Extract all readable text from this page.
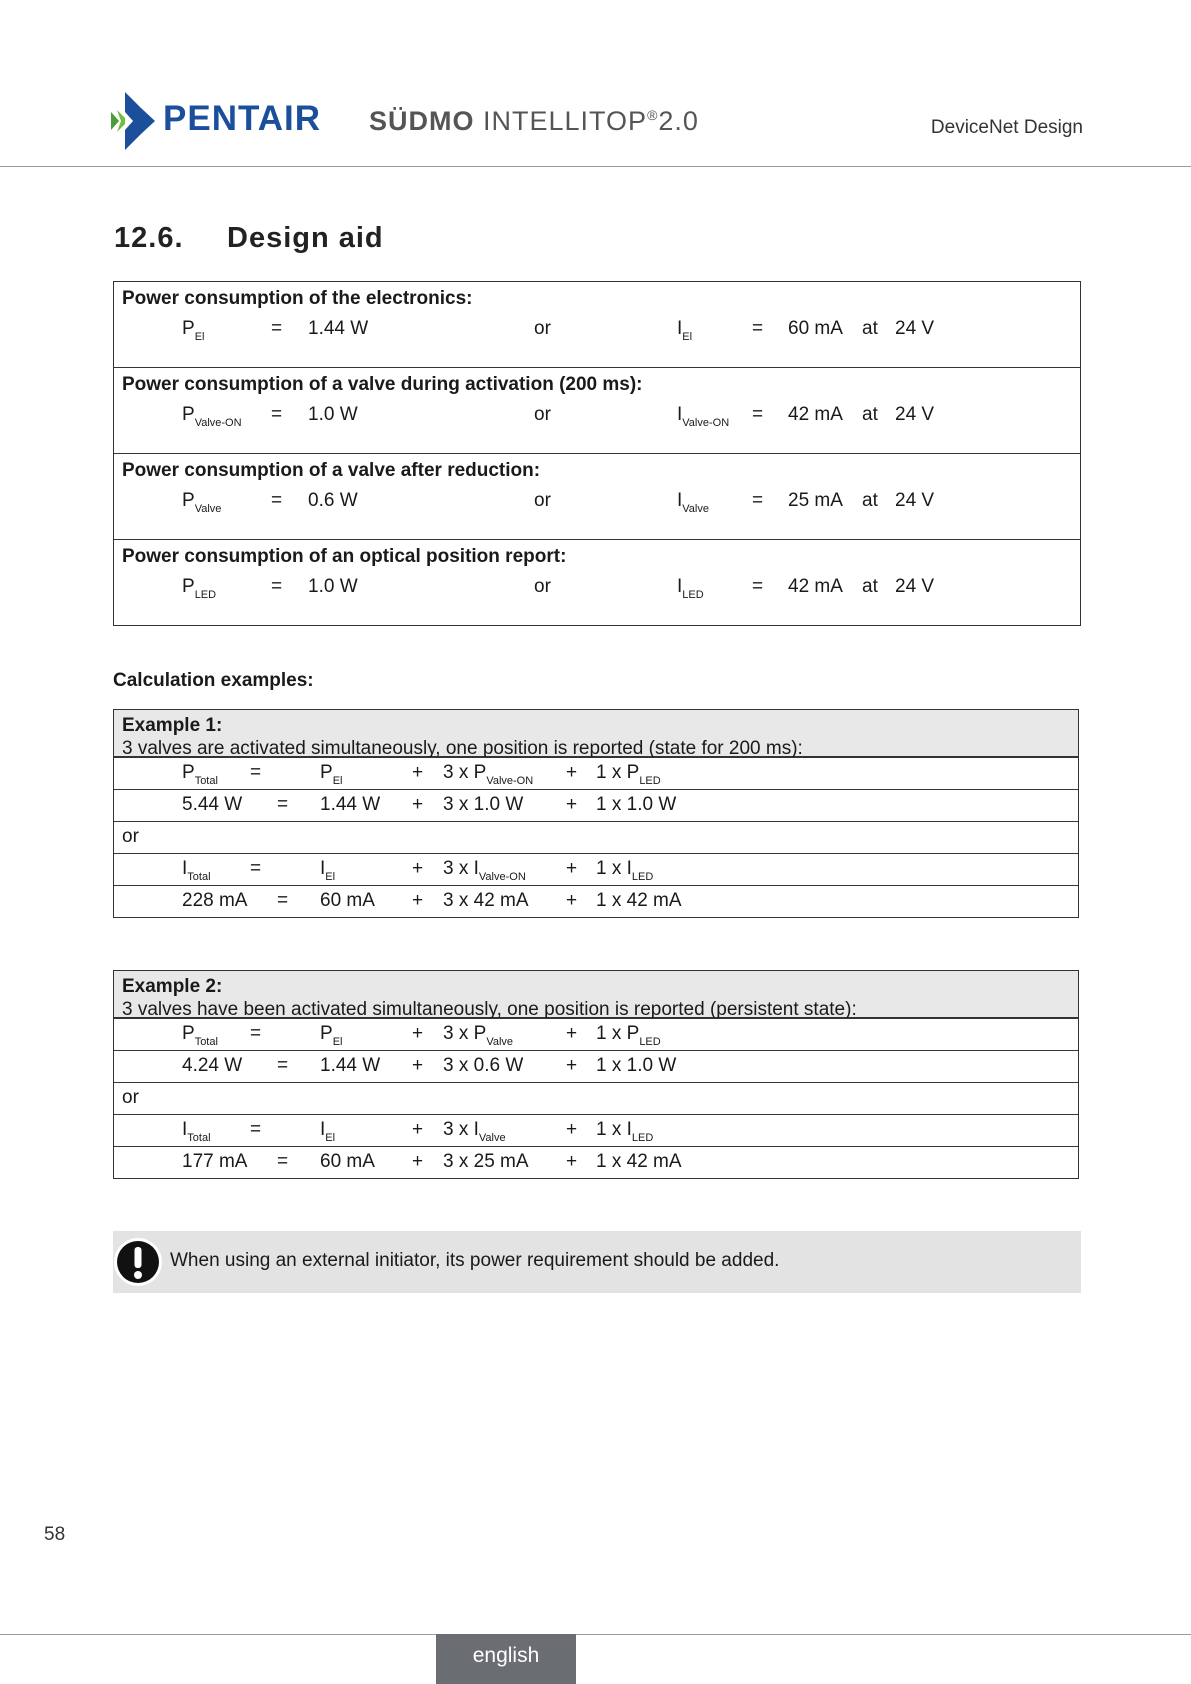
PENTAIR SÜDMO INTELLITOP®2.0	DeviceNet Design
12.6. Design aid
Power consumption of the electronics:
$P_{El}$	= 1.44 W	or	$I_{El}$	= 60 mA at 24 V
Power consumption of a valve during activation (200 ms):
$P_{Valve-ON} = 1.0$ W	or	$I_{Valve-ON} = 42$ mA at 24 V
Power consumption of a valve after reduction:
$P_{Valve}$	= 0.6 W	or	$I_{Valve} = 25$ mA at 24 V
Power consumption of an optical position report:
$P_{LED}$	= 1.0 W	or	$I_{LED}$	= 42 mA at 24 V
Calculation examples:
Example 1:
3 valves are activated simultaneously, one position is reported (state for 200 ms):
$P_{Total}$ =	$P_{El}$	+ 3 x $P_{Valve-ON} + 1$ x $P_{LED}$
5.44 W = 1.44 W + 3 x 1.0 W + 1 x 1.0 W
or
$I_{Total}$ =	$I_{El}$	+ 3 x $I_{Valve-ON} + 1$ x $I_{LED}$
228 mA = 60 mA + 3 x 42 mA + 1 x 42 mA
Example 2:
3 valves have been activated simultaneously, one position is reported (persistent state):
$P_{Total}$ =	$P_{El}$	+ 3 x $P_{Valve}$	+ 1 x $P_{LED}$
4.24 W = 1.44 W + 3 x 0.6 W + 1 x 1.0 W
or
$I_{Total}$ =	$I_{El}$	+ 3 x $I_{Valve}$	+ 1 x $I_{LED}$
177 mA = 60 mA + 3 x 25 mA + 1 x 42 mA
When using an external initiator, its power requirement should be added.
58
english
